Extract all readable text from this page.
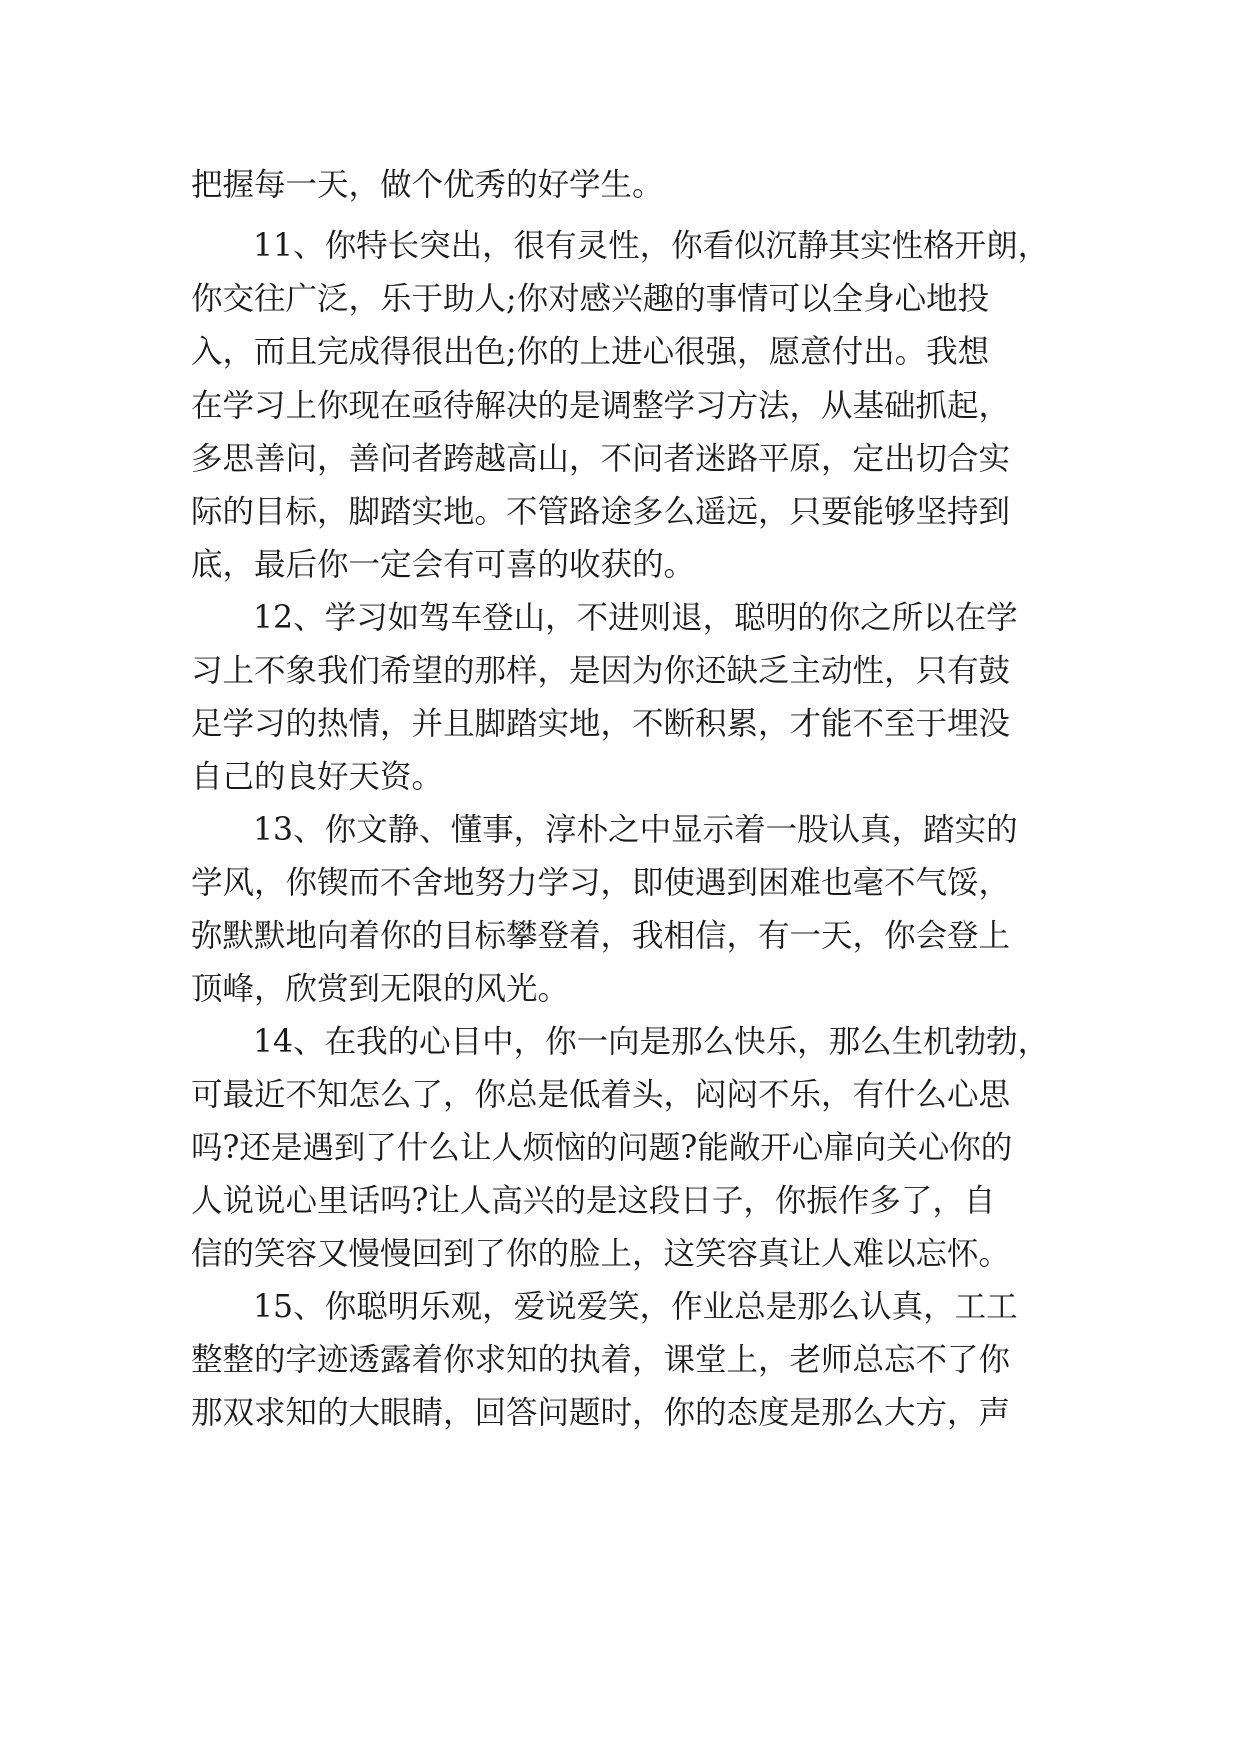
把握每一天，做个优秀的好学生。
11、你特长突出，很有灵性，你看似沉静其实性格开朗，
你交往广泛，乐于助人;你对感兴趣的事情可以全身心地投
入，而且完成得很出色;你的上进心很强，愿意付出。我想
在学习上你现在亟待解决的是调整学习方法，从基础抓起，
多思善问，善问者跨越高山，不问者迷路平原，定出切合实
际的目标，脚踏实地。不管路途多么遥远，只要能够坚持到
底，最后你一定会有可喜的收获的。
12、学习如驾车登山，不进则退，聪明的你之所以在学
习上不象我们希望的那样，是因为你还缺乏主动性，只有鼓
足学习的热情，并且脚踏实地，不断积累，才能不至于埋没
自己的良好天资。
13、你文静、懂事，淳朴之中显示着一股认真，踏实的
学风，你锲而不舍地努力学习，即使遇到困难也毫不气馁，
弥默默地向着你的目标攀登着，我相信，有一天，你会登上
顶峰，欣赏到无限的风光。
14、在我的心目中，你一向是那么快乐，那么生机勃勃，
可最近不知怎么了，你总是低着头，闷闷不乐，有什么心思
吗?还是遇到了什么让人烦恼的问题?能敞开心扉向关心你的
人说说心里话吗?让人高兴的是这段日子，你振作多了，自
信的笑容又慢慢回到了你的脸上，这笑容真让人难以忘怀。
15、你聪明乐观，爱说爱笑，作业总是那么认真，工工
整整的字迹透露着你求知的执着，课堂上，老师总忘不了你
那双求知的大眼睛，回答问题时，你的态度是那么大方，声
